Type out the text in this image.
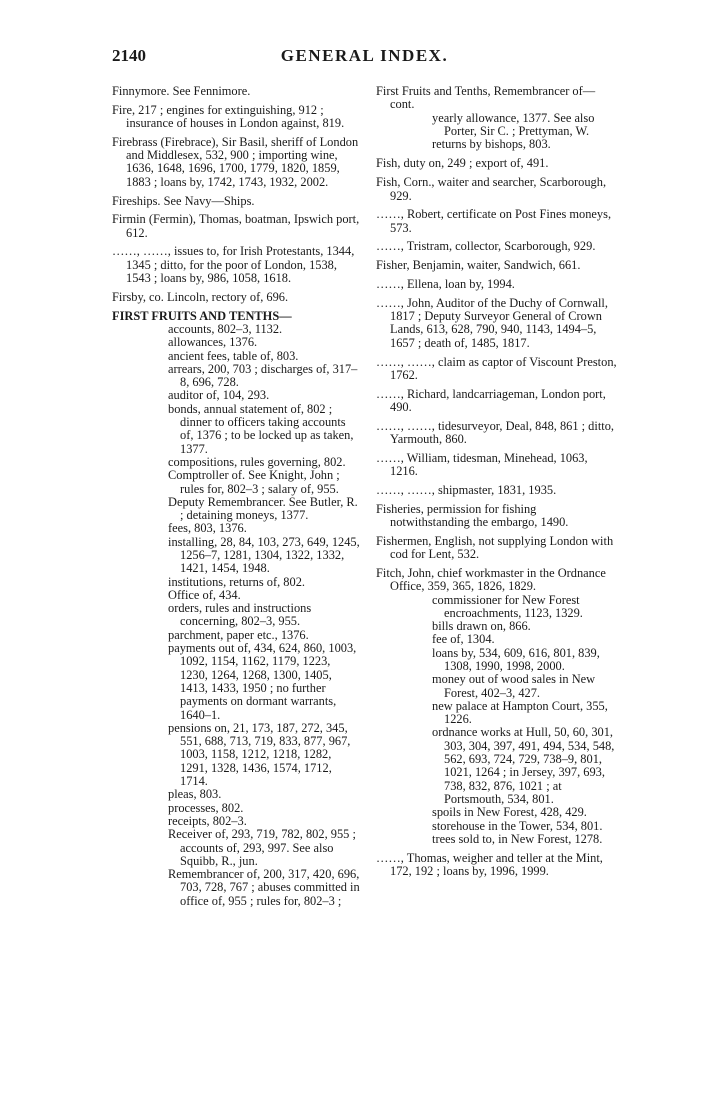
2140	GENERAL INDEX.

Finnymore. See Fennimore.

Fire, 217 ; engines for extinguishing, 912 ; insurance of houses in London against, 819.

Firebrass (Firebrace), Sir Basil, sheriff of London and Middlesex, 532, 900 ; importing wine, 1636, 1648, 1696, 1700, 1779, 1820, 1859, 1883 ; loans by, 1742, 1743, 1932, 2002.

Fireships. See Navy—Ships.

Firmin (Fermin), Thomas, boatman, Ipswich port, 612.

……, ……, issues to, for Irish Protestants, 1344, 1345 ; ditto, for the poor of London, 1538, 1543 ; loans by, 986, 1058, 1618.

Firsby, co. Lincoln, rectory of, 696.

FIRST FRUITS AND TENTHS—

accounts, 802–3, 1132.

allowances, 1376.

ancient fees, table of, 803.

arrears, 200, 703 ; discharges of, 317–8, 696, 728.

auditor of, 104, 293.

bonds, annual statement of, 802 ; dinner to officers taking accounts of, 1376 ; to be locked up as taken, 1377.

compositions, rules governing, 802.

Comptroller of. See Knight, John ; rules for, 802–3 ; salary of, 955.

Deputy Remembrancer. See Butler, R. ; detaining moneys, 1377.

fees, 803, 1376.

installing, 28, 84, 103, 273, 649, 1245, 1256–7, 1281, 1304, 1322, 1332, 1421, 1454, 1948.

institutions, returns of, 802.

Office of, 434.

orders, rules and instructions concerning, 802–3, 955.

parchment, paper etc., 1376.

payments out of, 434, 624, 860, 1003, 1092, 1154, 1162, 1179, 1223, 1230, 1264, 1268, 1300, 1405, 1413, 1433, 1950 ; no further payments on dormant warrants, 1640–1.

pensions on, 21, 173, 187, 272, 345, 551, 688, 713, 719, 833, 877, 967, 1003, 1158, 1212, 1218, 1282, 1291, 1328, 1436, 1574, 1712, 1714.

pleas, 803.

processes, 802.

receipts, 802–3.

Receiver of, 293, 719, 782, 802, 955 ; accounts of, 293, 997. See also Squibb, R., jun.

Remembrancer of, 200, 317, 420, 696, 703, 728, 767 ; abuses committed in office of, 955 ; rules for, 802–3 ;

First Fruits and Tenths, Remembrancer of—cont.

yearly allowance, 1377. See also Porter, Sir C. ; Prettyman, W.

returns by bishops, 803.

Fish, duty on, 249 ; export of, 491.

Fish, Corn., waiter and searcher, Scarborough, 929.

……, Robert, certificate on Post Fines moneys, 573.

……, Tristram, collector, Scarborough, 929.

Fisher, Benjamin, waiter, Sandwich, 661.

……, Ellena, loan by, 1994.

……, John, Auditor of the Duchy of Cornwall, 1817 ; Deputy Surveyor General of Crown Lands, 613, 628, 790, 940, 1143, 1494–5, 1657 ; death of, 1485, 1817.

……, ……, claim as captor of Viscount Preston, 1762.

……, Richard, landcarriageman, London port, 490.

……, ……, tidesurveyor, Deal, 848, 861 ; ditto, Yarmouth, 860.

……, William, tidesman, Minehead, 1063, 1216.

……, ……, shipmaster, 1831, 1935.

Fisheries, permission for fishing notwithstanding the embargo, 1490.

Fishermen, English, not supplying London with cod for Lent, 532.

Fitch, John, chief workmaster in the Ordnance Office, 359, 365, 1826, 1829.

commissioner for New Forest encroachments, 1123, 1329.

bills drawn on, 866.

fee of, 1304.

loans by, 534, 609, 616, 801, 839, 1308, 1990, 1998, 2000.

money out of wood sales in New Forest, 402–3, 427.

new palace at Hampton Court, 355, 1226.

ordnance works at Hull, 50, 60, 301, 303, 304, 397, 491, 494, 534, 548, 562, 693, 724, 729, 738–9, 801, 1021, 1264 ; in Jersey, 397, 693, 738, 832, 876, 1021 ; at Portsmouth, 534, 801.

spoils in New Forest, 428, 429.

storehouse in the Tower, 534, 801.

trees sold to, in New Forest, 1278.

……, Thomas, weigher and teller at the Mint, 172, 192 ; loans by, 1996, 1999.
